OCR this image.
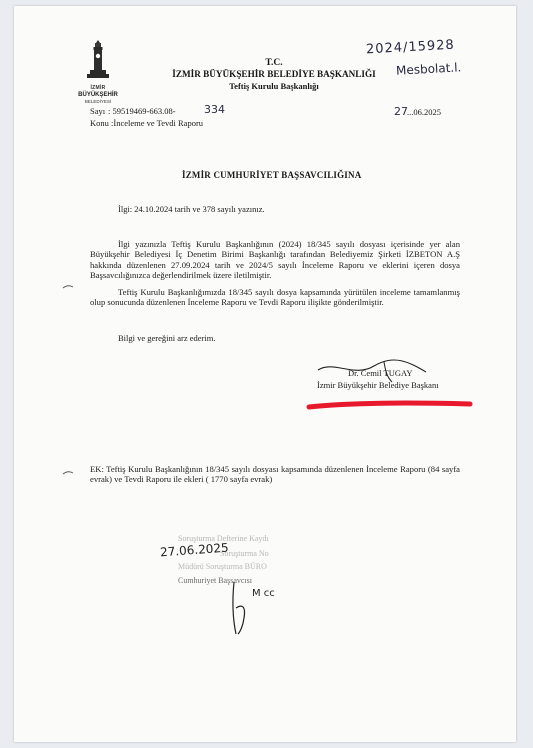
İZMİR
BÜYÜKŞEHİR
BELEDİYESİ
T.C.
İZMİR BÜYÜKŞEHİR BELEDİYE BAŞKANLIĞI
Teftiş Kurulu Başkanlığı
2024/15928
Mesbolat.l.
Sayı : 59519469-663.08-	334
Konu :İnceleme ve Tevdi Raporu
27 ...06.2025
İZMİR CUMHURİYET BAŞSAVCILIĞINA
İlgi: 24.10.2024 tarih ve 378 sayılı yazınız.
İlgi yazınızla Teftiş Kurulu Başkanlığının (2024) 18/345 sayılı dosyası içerisinde yer alan Büyükşehir Belediyesi İç Denetim Birimi Başkanlığı tarafından Belediyemiz Şirketi İZBETON A.Ş hakkında düzenlenen 27.09.2024 tarih ve 2024/5 sayılı İnceleme Raporu ve eklerini içeren dosya Başsavcılığınızca değerlendirilmek üzere iletilmiştir.
Teftiş Kurulu Başkanlığımızda 18/345 sayılı dosya kapsamında yürütülen inceleme tamamlanmış olup sonucunda düzenlenen İnceleme Raporu ve Tevdi Raporu ilişikte gönderilmiştir.
Bilgi ve gereğini arz ederim.
Dr. Cemil TUGAY
İzmir Büyükşehir Belediye Başkanı
EK: Teftiş Kurulu Başkanlığının 18/345 sayılı dosyası kapsamında düzenlenen İnceleme Raporu (84 sayfa evrak) ve Tevdi Raporu ile ekleri ( 1770 sayfa evrak)
Soruşturma Defterine Kaydı
Soruşturma No
Müdürü Soruşturma BÜRO
Cumhuriyet Başsavcısı
27.06.2025
M cc
